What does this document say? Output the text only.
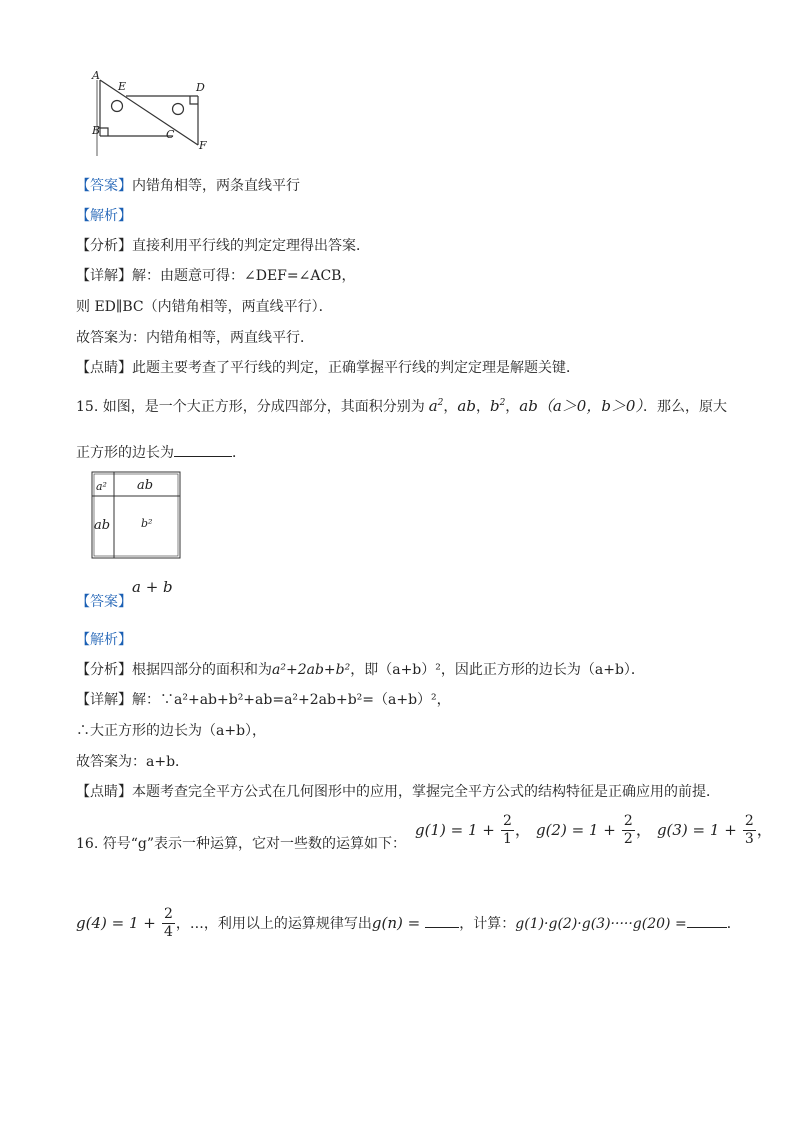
A
E	D
B	C
F
【答案】内错角相等，两条直线平行
【解析】
【分析】直接利用平行线的判定定理得出答案．
【详解】解：由题意可得：∠DEF=∠ACB，
则 ED∥BC（内错角相等，两直线平行）．
故答案为：内错角相等，两直线平行．
【点睛】此题主要考查了平行线的判定，正确掌握平行线的判定定理是解题关键．
15. 如图，是一个大正方形，分成四部分，其面积分别为 $a^2$，ab，$b^2$，ab（a＞0，b＞0）．那么，原大
正方形的边长为	．
a² ab
ab	b²
【答案】
a + b
【解析】
【分析】根据四部分的面积和为a²+2ab+b²，即（a+b）²，因此正方形的边长为（a+b）．
【详解】解：∵a²+ab+b²+ab=a²+2ab+b²=（a+b）²，
∴大正方形的边长为（a+b），
故答案为：a+b．
【点睛】本题考查完全平方公式在几何图形中的应用，掌握完全平方公式的结构特征是正确应用的前提．
16. 符号“g”表示一种运算，它对一些数的运算如下：
$g(1) = 1 + \frac{2}{1}$ ， $g(2) = 1 + \frac{2}{2}$ ， $g(3) = 1 + \frac{2}{3}$ ，
$g(4) = 1 + \frac{2}{4}$ ，…，利用以上的运算规律写出g(n) =	，计算：g(1)·g(2)·g(3)·····g(20) =	．
